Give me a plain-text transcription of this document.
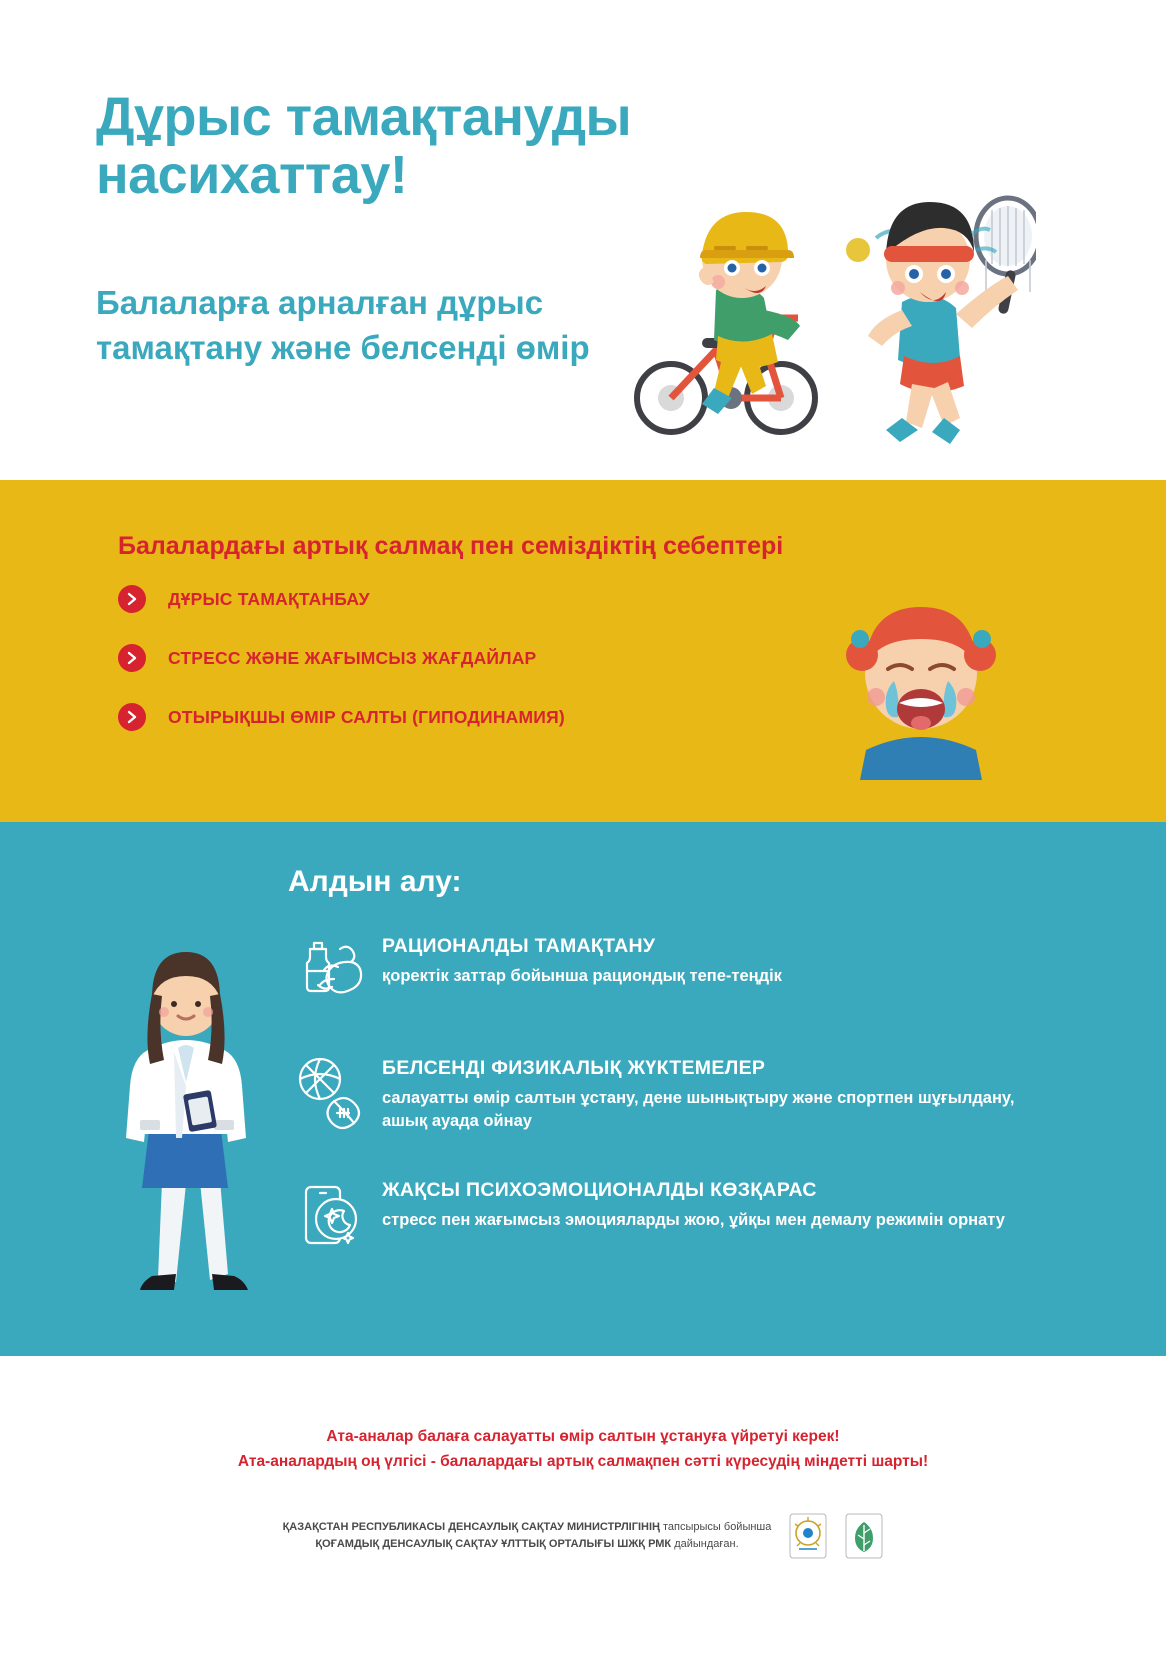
Дұрыс тамақтануды насихаттау!
Балаларға арналған дұрыс тамақтану және белсенді өмір
Балалардағы артық салмақ пен семіздіктің себептері
ДҰРЫС ТАМАҚТАНБАУ
СТРЕСС ЖӘНЕ ЖАҒЫМСЫЗ ЖАҒДАЙЛАР
ОТЫРЫҚШЫ ӨМІР САЛТЫ (ГИПОДИНАМИЯ)
Алдын алу:
РАЦИОНАЛДЫ ТАМАҚТАНУ
қоректік заттар бойынша рациондық тепе-теңдік
БЕЛСЕНДІ ФИЗИКАЛЫҚ ЖҮКТЕМЕЛЕР
салауатты өмір салтын ұстану, дене шынықтыру және спортпен шұғылдану, ашық ауада ойнау
ЖАҚСЫ ПСИХОЭМОЦИОНАЛДЫ КӨЗҚАРАС
стресс пен жағымсыз эмоцияларды жою, ұйқы мен демалу режимін орнату
Ата-аналар балаға салауатты өмір салтын ұстануға үйретуі керек!
Ата-аналардың оң үлгісі - балалардағы артық салмақпен сәтті күресудің міндетті шарты!
ҚАЗАҚСТАН РЕСПУБЛИКАСЫ ДЕНСАУЛЫҚ САҚТАУ МИНИСТРЛІГІНІҢ тапсырысы бойынша
ҚОҒАМДЫҚ ДЕНСАУЛЫҚ САҚТАУ ҰЛТТЫҚ ОРТАЛЫҒЫ ШЖҚ РМК дайындаған.
